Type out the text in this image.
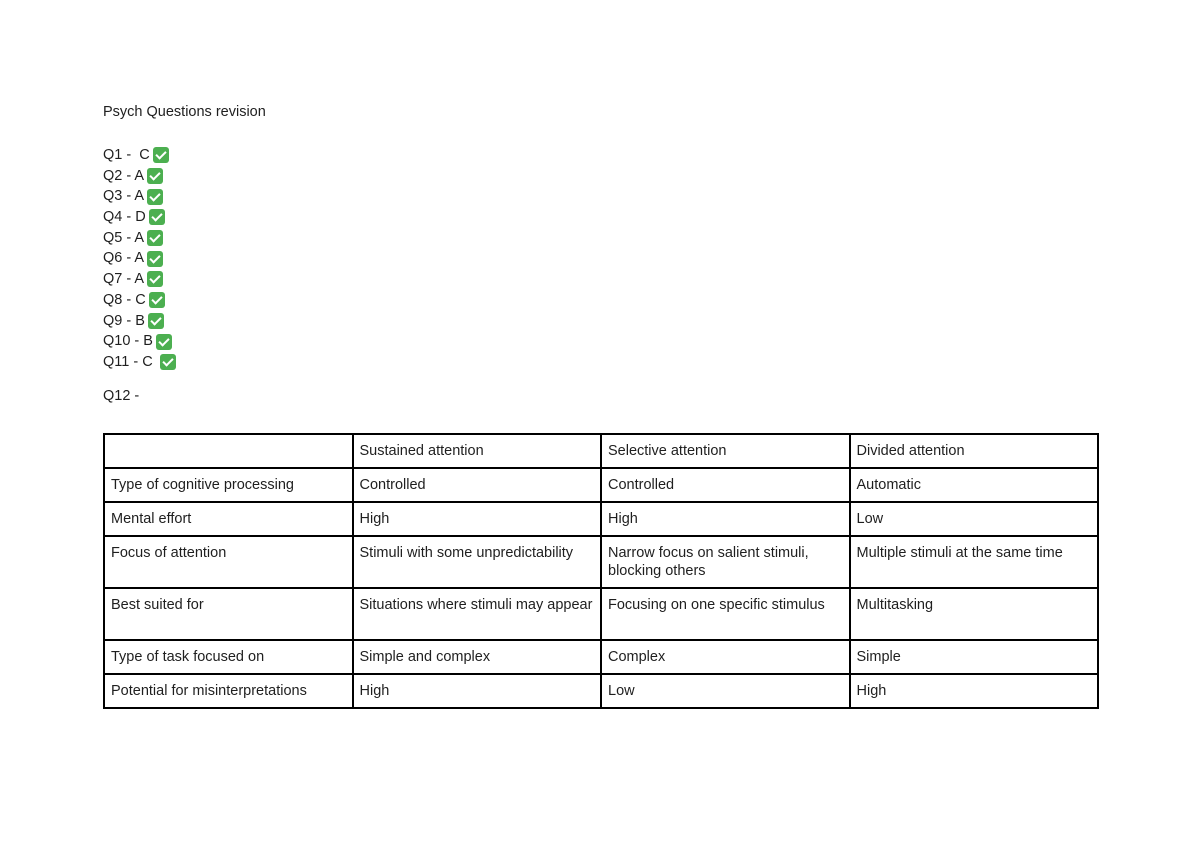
Psych Questions revision

Q1 -  C
Q2 - A
Q3 - A
Q4 - D
Q5 - A
Q6 - A
Q7 - A
Q8 - C
Q9 - B
Q10 - B
Q11 - C
Q12 -
	Sustained attention	Selective attention	Divided attention
Type of cognitive processing	Controlled	Controlled	Automatic
Mental effort	High	High	Low
Focus of attention	Stimuli with some unpredictability	Narrow focus on salient stimuli, blocking others	Multiple stimuli at the same time
Best suited for	Situations where stimuli may appear	Focusing on one specific stimulus	Multitasking
Type of task focused on	Simple and complex	Complex	Simple
Potential for misinterpretations	High	Low	High
